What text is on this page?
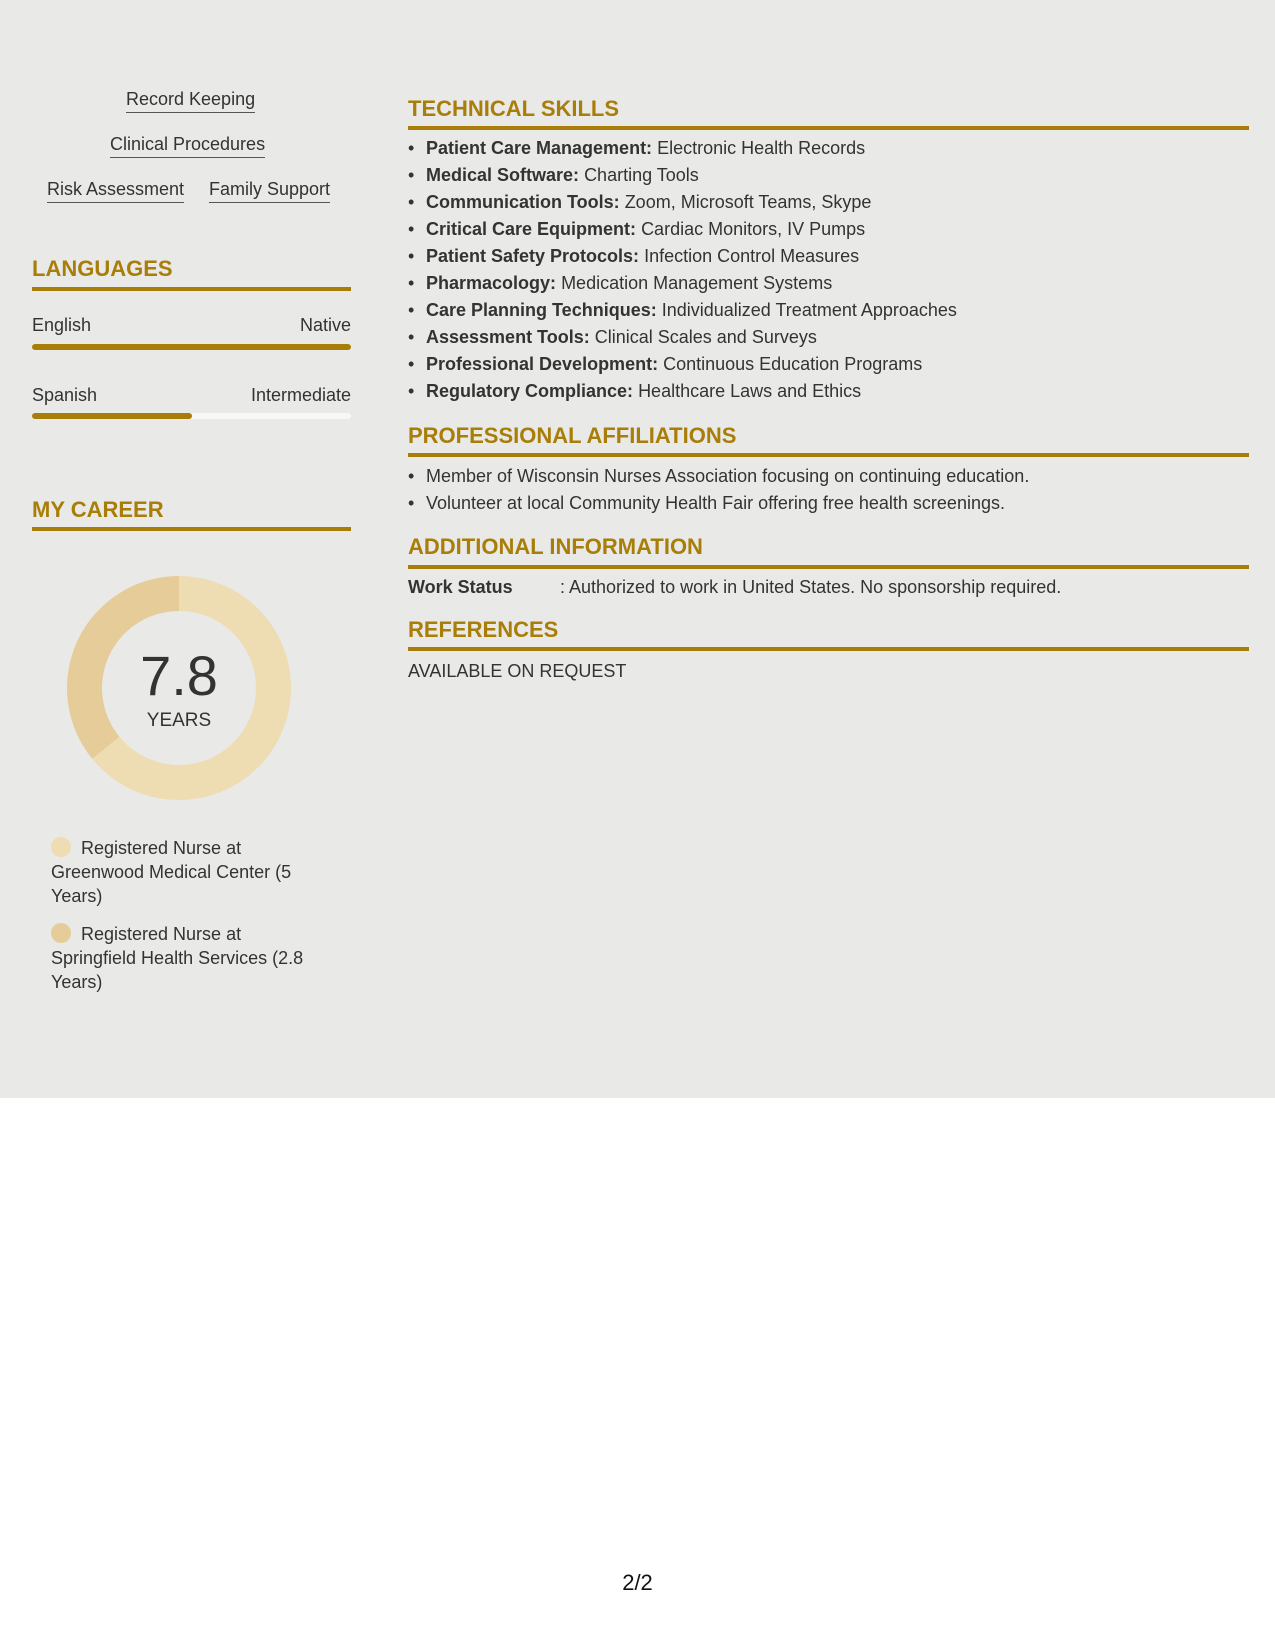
Record Keeping
Clinical Procedures
Risk Assessment Family Support
LANGUAGES
English	Native
Spanish	Intermediate
MY CAREER
7.8
YEARS
Registered Nurse at Greenwood Medical Center (5 Years)
Registered Nurse at Springfield Health Services (2.8 Years)
TECHNICAL SKILLS
• Patient Care Management: Electronic Health Records
• Medical Software: Charting Tools
• Communication Tools: Zoom, Microsoft Teams, Skype
• Critical Care Equipment: Cardiac Monitors, IV Pumps
• Patient Safety Protocols: Infection Control Measures
• Pharmacology: Medication Management Systems
• Care Planning Techniques: Individualized Treatment Approaches
• Assessment Tools: Clinical Scales and Surveys
• Professional Development: Continuous Education Programs
• Regulatory Compliance: Healthcare Laws and Ethics
PROFESSIONAL AFFILIATIONS
• Member of Wisconsin Nurses Association focusing on continuing education.
• Volunteer at local Community Health Fair offering free health screenings.
ADDITIONAL INFORMATION
Work Status	: Authorized to work in United States. No sponsorship required.
REFERENCES
AVAILABLE ON REQUEST
2/2
